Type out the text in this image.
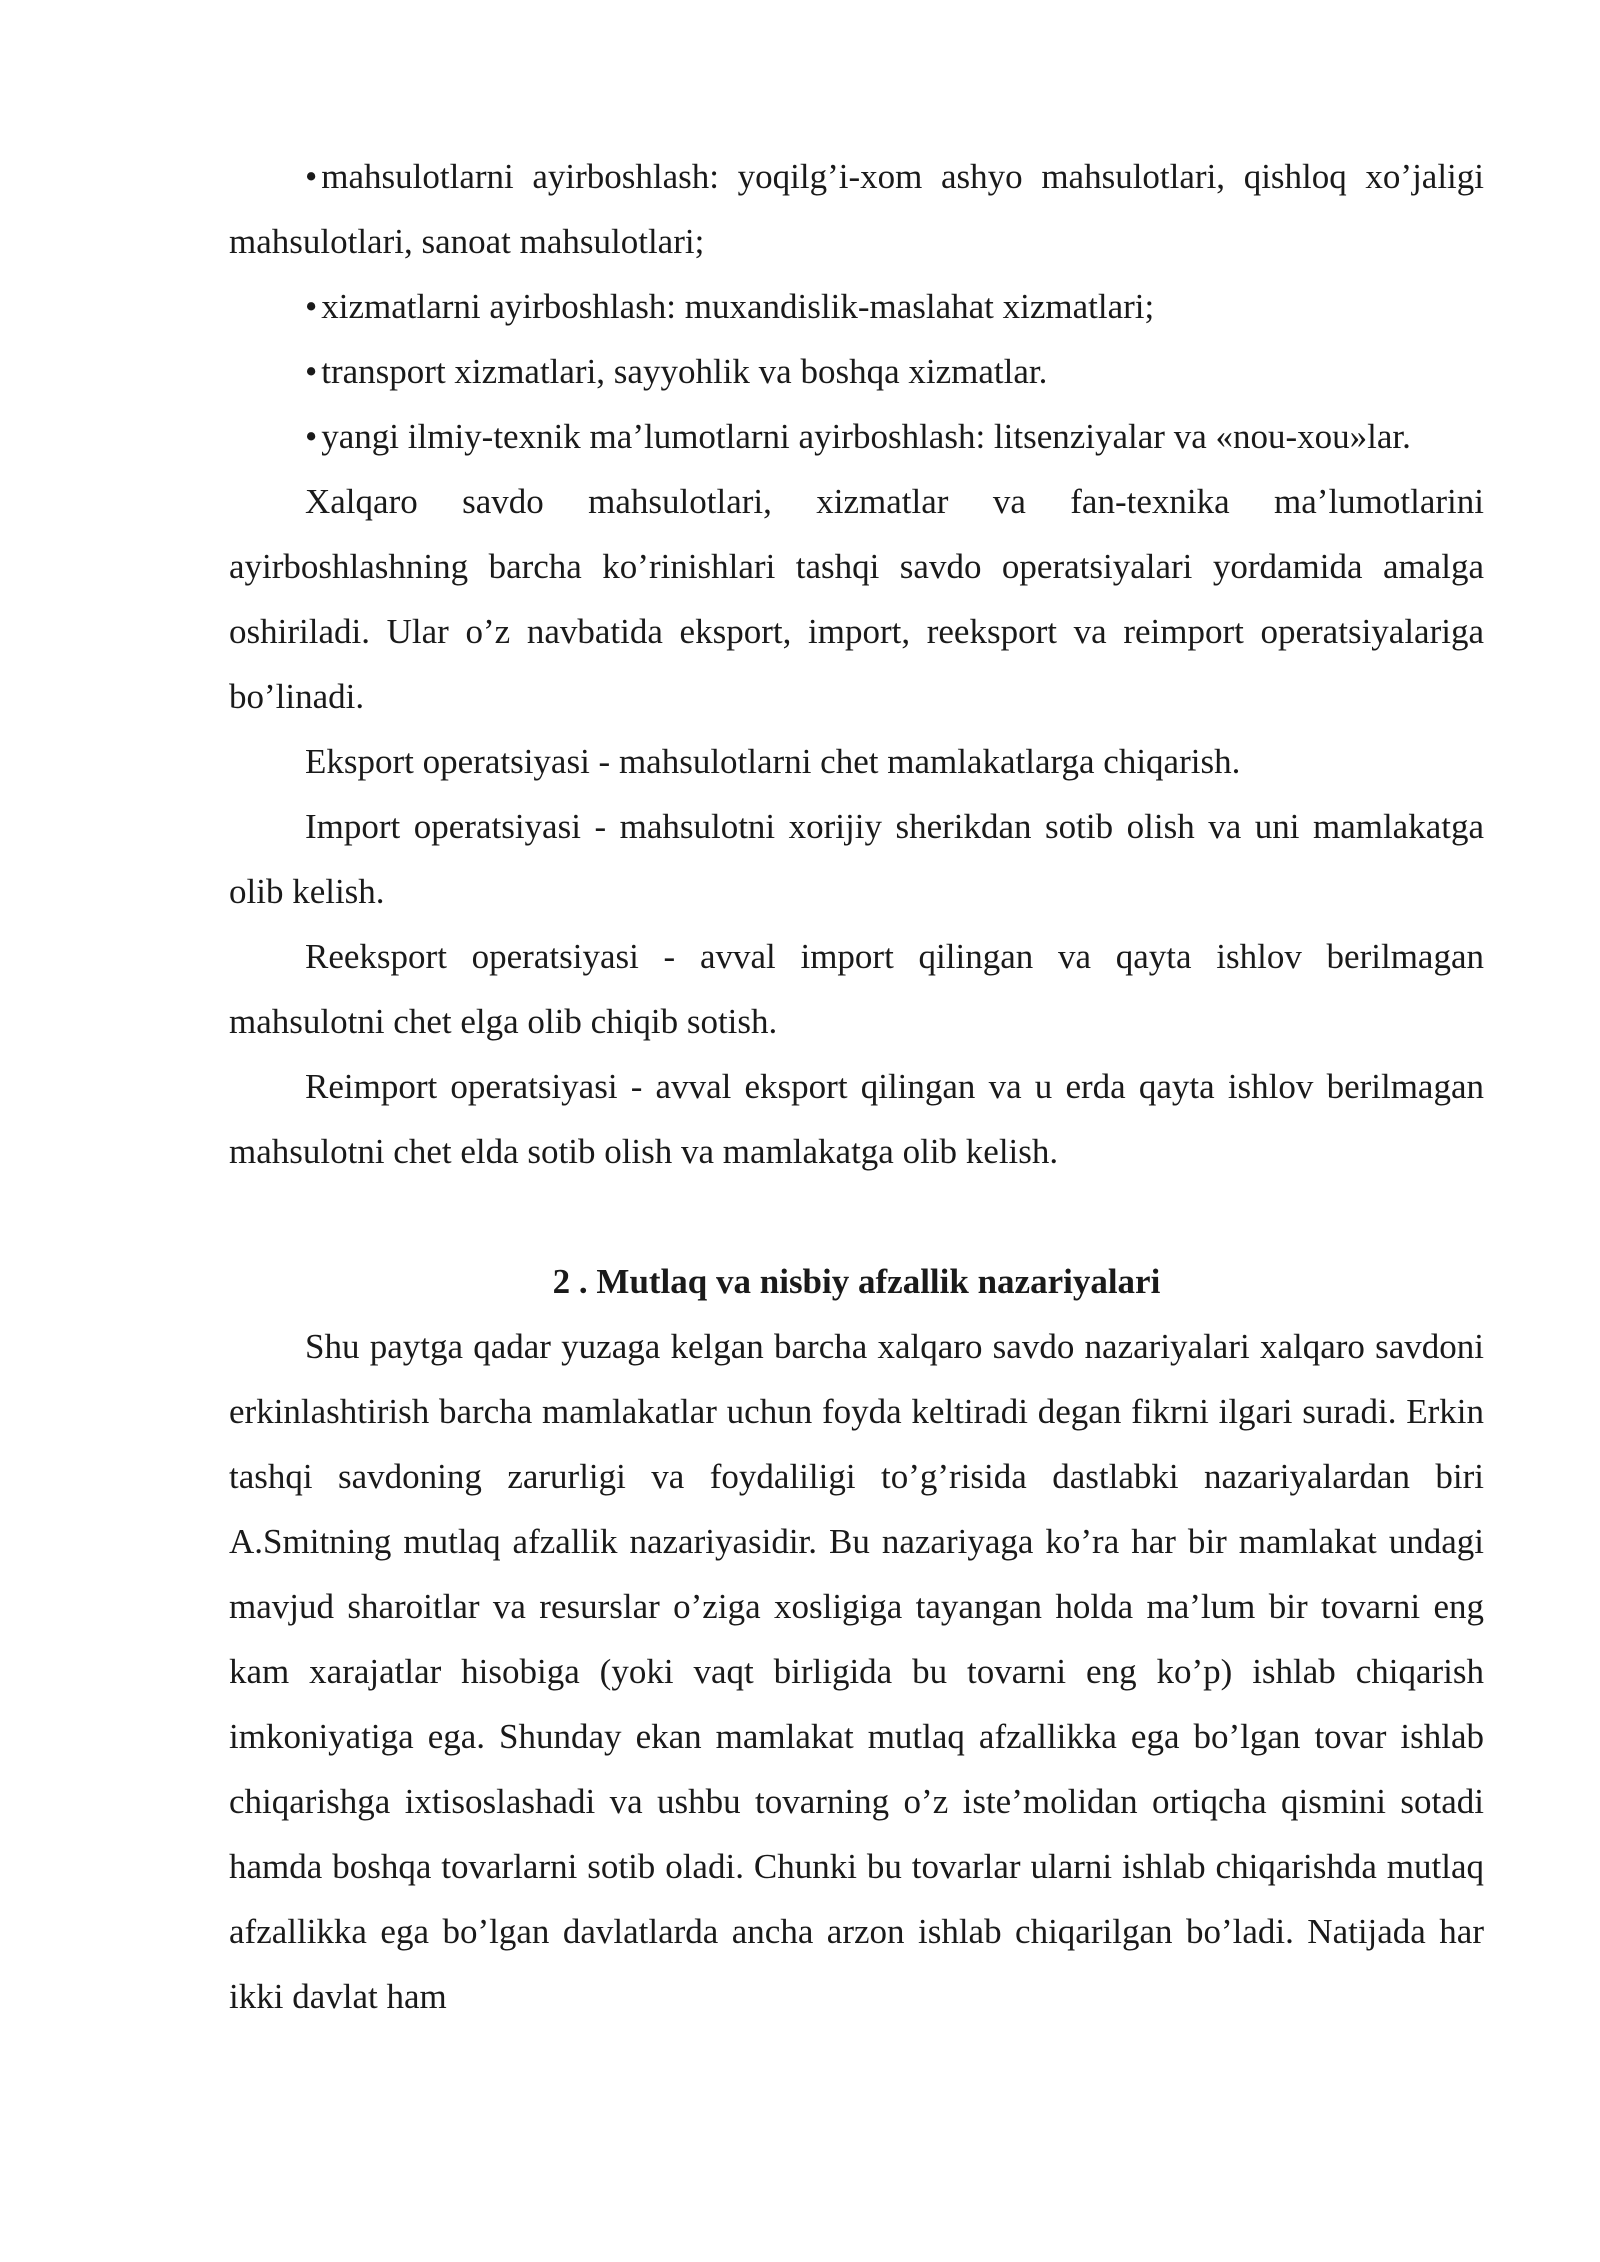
• mahsulotlarni ayirboshlash: yoqilg’i-xom ashyo mahsulotlari, qishloq xo’jaligi mahsulotlari, sanoat mahsulotlari;

• xizmatlarni ayirboshlash: muxandislik-maslahat xizmatlari;

• transport xizmatlari, sayyohlik va boshqa xizmatlar.

• yangi ilmiy-texnik ma’lumotlarni ayirboshlash: litsenziyalar va «nou-xou»lar.

Xalqaro savdo mahsulotlari, xizmatlar va fan-texnika ma’lumotlarini ayirboshlashning barcha ko’rinishlari tashqi savdo operatsiyalari yordamida amalga oshiriladi. Ular o’z navbatida eksport, import, reeksport va reimport operatsiyalariga bo’linadi.

Eksport operatsiyasi - mahsulotlarni chet mamlakatlarga chiqarish.

Import operatsiyasi - mahsulotni xorijiy sherikdan sotib olish va uni mamlakatga olib kelish.

Reeksport operatsiyasi - avval import qilingan va qayta ishlov berilmagan mahsulotni chet elga olib chiqib sotish.

Reimport operatsiyasi - avval eksport qilingan va u erda qayta ishlov berilmagan mahsulotni chet elda sotib olish va mamlakatga olib kelish.

2 . Mutlaq va nisbiy afzallik nazariyalari

Shu paytga qadar yuzaga kelgan barcha xalqaro savdo nazariyalari xalqaro savdoni erkinlashtirish barcha mamlakatlar uchun foyda keltiradi degan fikrni ilgari suradi. Erkin tashqi savdoning zarurligi va foydaliligi to’g’risida dastlabki nazariyalardan biri A.Smitning mutlaq afzallik nazariyasidir. Bu nazariyaga ko’ra har bir mamlakat undagi mavjud sharoitlar va resurslar o’ziga xosligiga tayangan holda ma’lum bir tovarni eng kam xarajatlar hisobiga (yoki vaqt birligida bu tovarni eng ko’p) ishlab chiqarish imkoniyatiga ega. Shunday ekan mamlakat mutlaq afzallikka ega bo’lgan tovar ishlab chiqarishga ixtisoslashadi va ushbu tovarning o’z iste’molidan ortiqcha qismini sotadi hamda boshqa tovarlarni sotib oladi. Chunki bu tovarlar ularni ishlab chiqarishda mutlaq afzallikka ega bo’lgan davlatlarda ancha arzon ishlab chiqarilgan bo’ladi. Natijada har ikki davlat ham
